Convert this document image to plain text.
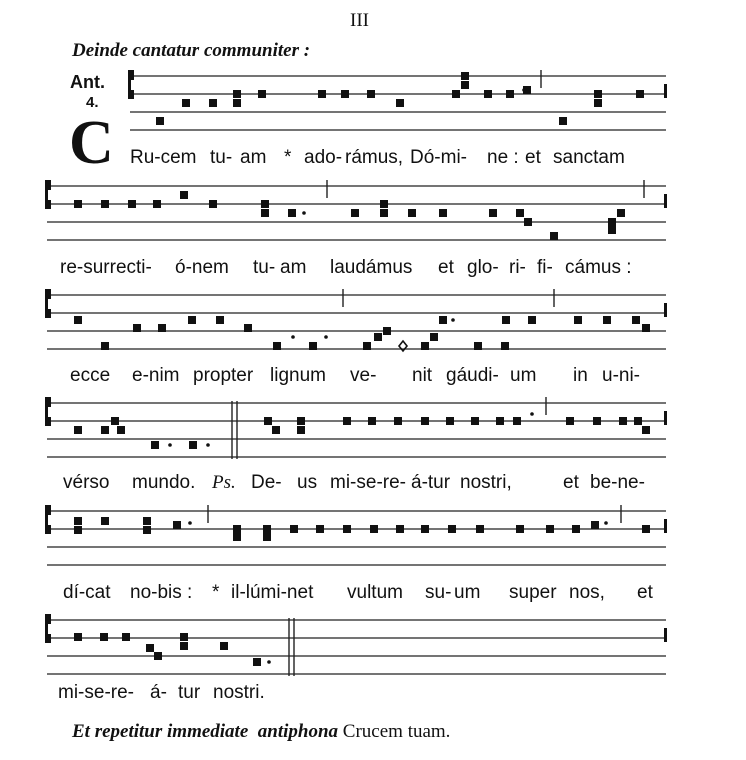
III
Deinde cantatur communiter :
Ant.
4.
C Ru-cem tu- am * ado- rámus, Dó-mi- ne : et sanctam
re-surrecti- ó-nem tu- am laudámus et glo- ri- fi- cámus :
ecce e-nim propter lignum ve- nit gáudi- um in u-ni-
vérso mundo. Ps. De- us mi-se-re- á-tur nostri,	et be-ne-
dí-cat no-bis : * il-lúmi-net vultum su- um super nos, et
mi-se-re- á- tur nostri.
Et repetitur immediate antiphona Crucem tuam.
